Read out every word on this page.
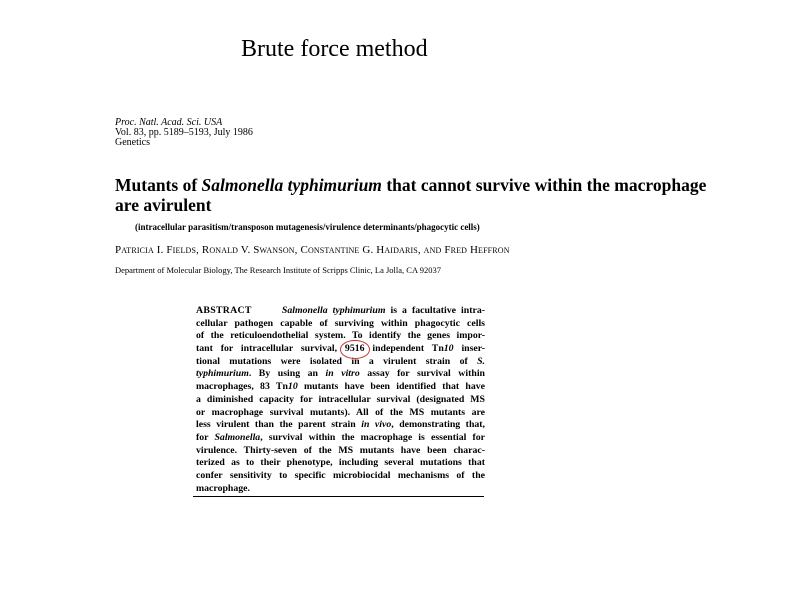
Brute force method
Proc. Natl. Acad. Sci. USA
Vol. 83, pp. 5189–5193, July 1986
Genetics
Mutants of Salmonella typhimurium that cannot survive within the macrophage are avirulent
(intracellular parasitism/transposon mutagenesis/virulence determinants/phagocytic cells)
Patricia I. Fields, Ronald V. Swanson, Constantine G. Haidaris, and Fred Heffron
Department of Molecular Biology, The Research Institute of Scripps Clinic, La Jolla, CA 92037
ABSTRACT	Salmonella typhimurium is a facultative intra-
cellular pathogen capable of surviving within phagocytic cells
of the reticuloendothelial system. To identify the genes impor-
tant for intracellular survival, 9516 independent Tn10 inser-
tional mutations were isolated in a virulent strain of S.
typhimurium. By using an in vitro assay for survival within
macrophages, 83 Tn10 mutants have been identified that have
a diminished capacity for intracellular survival (designated MS
or macrophage survival mutants). All of the MS mutants are
less virulent than the parent strain in vivo, demonstrating that,
for Salmonella, survival within the macrophage is essential for
virulence. Thirty-seven of the MS mutants have been charac-
terized as to their phenotype, including several mutations that
confer sensitivity to specific microbiocidal mechanisms of the
macrophage.
